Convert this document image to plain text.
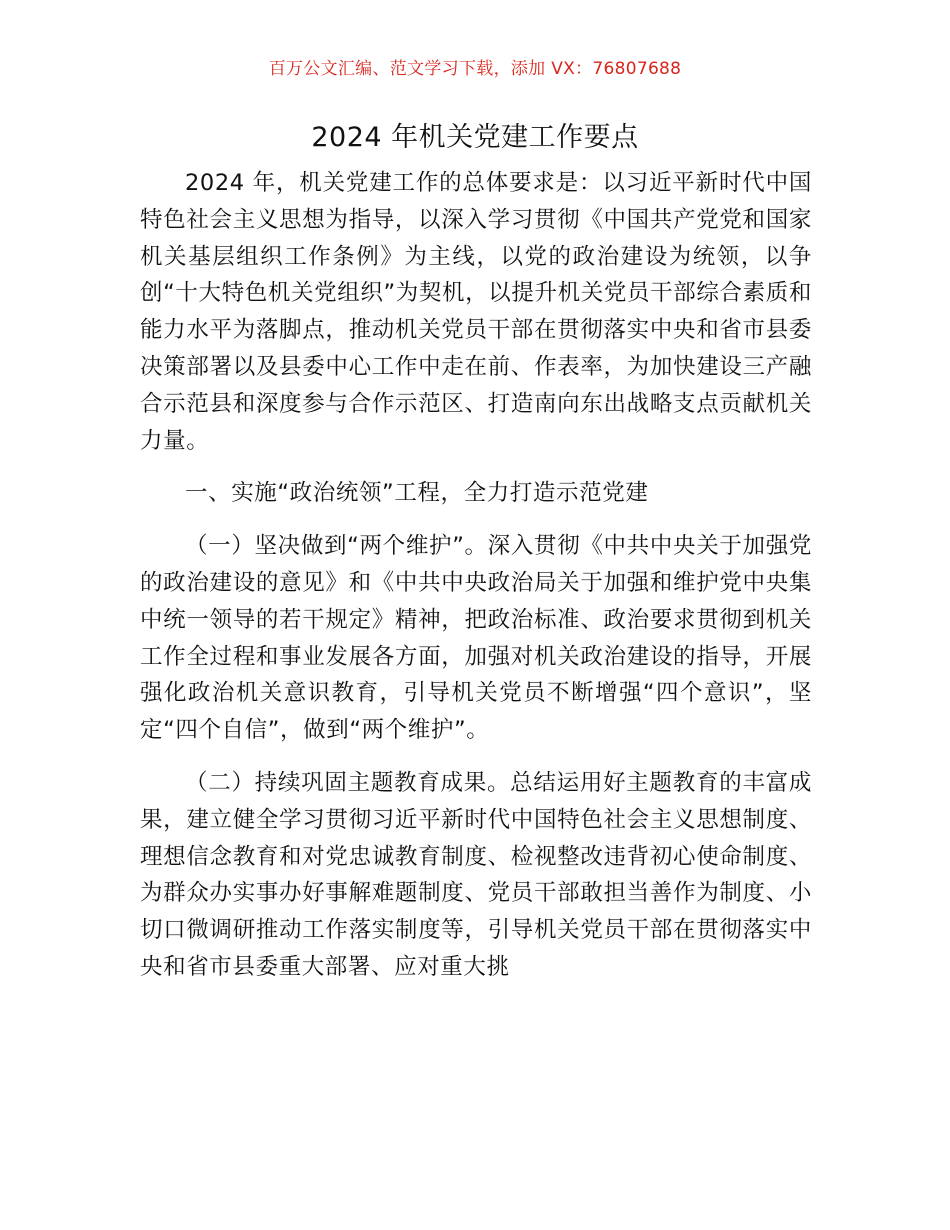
百万公文汇编、范文学习下载，添加 VX：76807688
2024 年机关党建工作要点

2024 年，机关党建工作的总体要求是：以习近平新时代中国特色社会主义思想为指导，以深入学习贯彻《中国共产党党和国家机关基层组织工作条例》为主线，以党的政治建设为统领，以争创“十大特色机关党组织”为契机，以提升机关党员干部综合素质和能力水平为落脚点，推动机关党员干部在贯彻落实中央和省市县委决策部署以及县委中心工作中走在前、作表率，为加快建设三产融合示范县和深度参与合作示范区、打造南向东出战略支点贡献机关力量。

一、实施“政治统领”工程，全力打造示范党建

（一）坚决做到“两个维护”。深入贯彻《中共中央关于加强党的政治建设的意见》和《中共中央政治局关于加强和维护党中央集中统一领导的若干规定》精神，把政治标准、政治要求贯彻到机关工作全过程和事业发展各方面，加强对机关政治建设的指导，开展强化政治机关意识教育，引导机关党员不断增强“四个意识”，坚定“四个自信”，做到“两个维护”。

（二）持续巩固主题教育成果。总结运用好主题教育的丰富成果，建立健全学习贯彻习近平新时代中国特色社会主义思想制度、理想信念教育和对党忠诚教育制度、检视整改违背初心使命制度、为群众办实事办好事解难题制度、党员干部敢担当善作为制度、小切口微调研推动工作落实制度等，引导机关党员干部在贯彻落实中央和省市县委重大部署、应对重大挑
